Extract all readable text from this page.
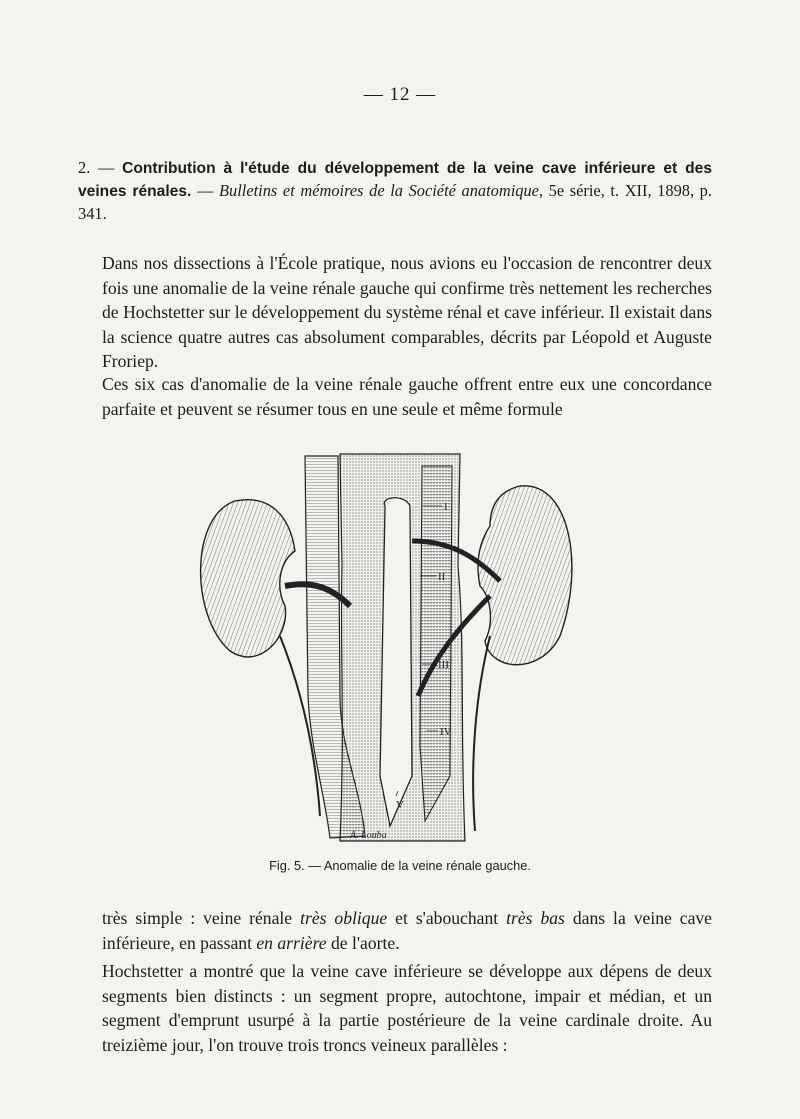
— 12 —
2. — Contribution à l'étude du développement de la veine cave inférieure et des veines rénales. — Bulletins et mémoires de la Société anatomique, 5e série, t. XII, 1898, p. 341.

Dans nos dissections à l'École pratique, nous avions eu l'occasion de rencontrer deux fois une anomalie de la veine rénale gauche qui confirme très nettement les recherches de Hochstetter sur le développement du système rénal et cave inférieur. Il existait dans la science quatre autres cas absolument comparables, décrits par Léopold et Auguste Froriep.

Ces six cas d'anomalie de la veine rénale gauche offrent entre eux une concordance parfaite et peuvent se résumer tous en une seule et même formule

I
II
III
IV
V
A. Louba
Fig. 5. — Anomalie de la veine rénale gauche.

très simple : veine rénale très oblique et s'abouchant très bas dans la veine cave inférieure, en passant en arrière de l'aorte.

Hochstetter a montré que la veine cave inférieure se développe aux dépens de deux segments bien distincts : un segment propre, autochtone, impair et médian, et un segment d'emprunt usurpé à la partie postérieure de la veine cardinale droite. Au treizième jour, l'on trouve trois troncs veineux parallèles :
